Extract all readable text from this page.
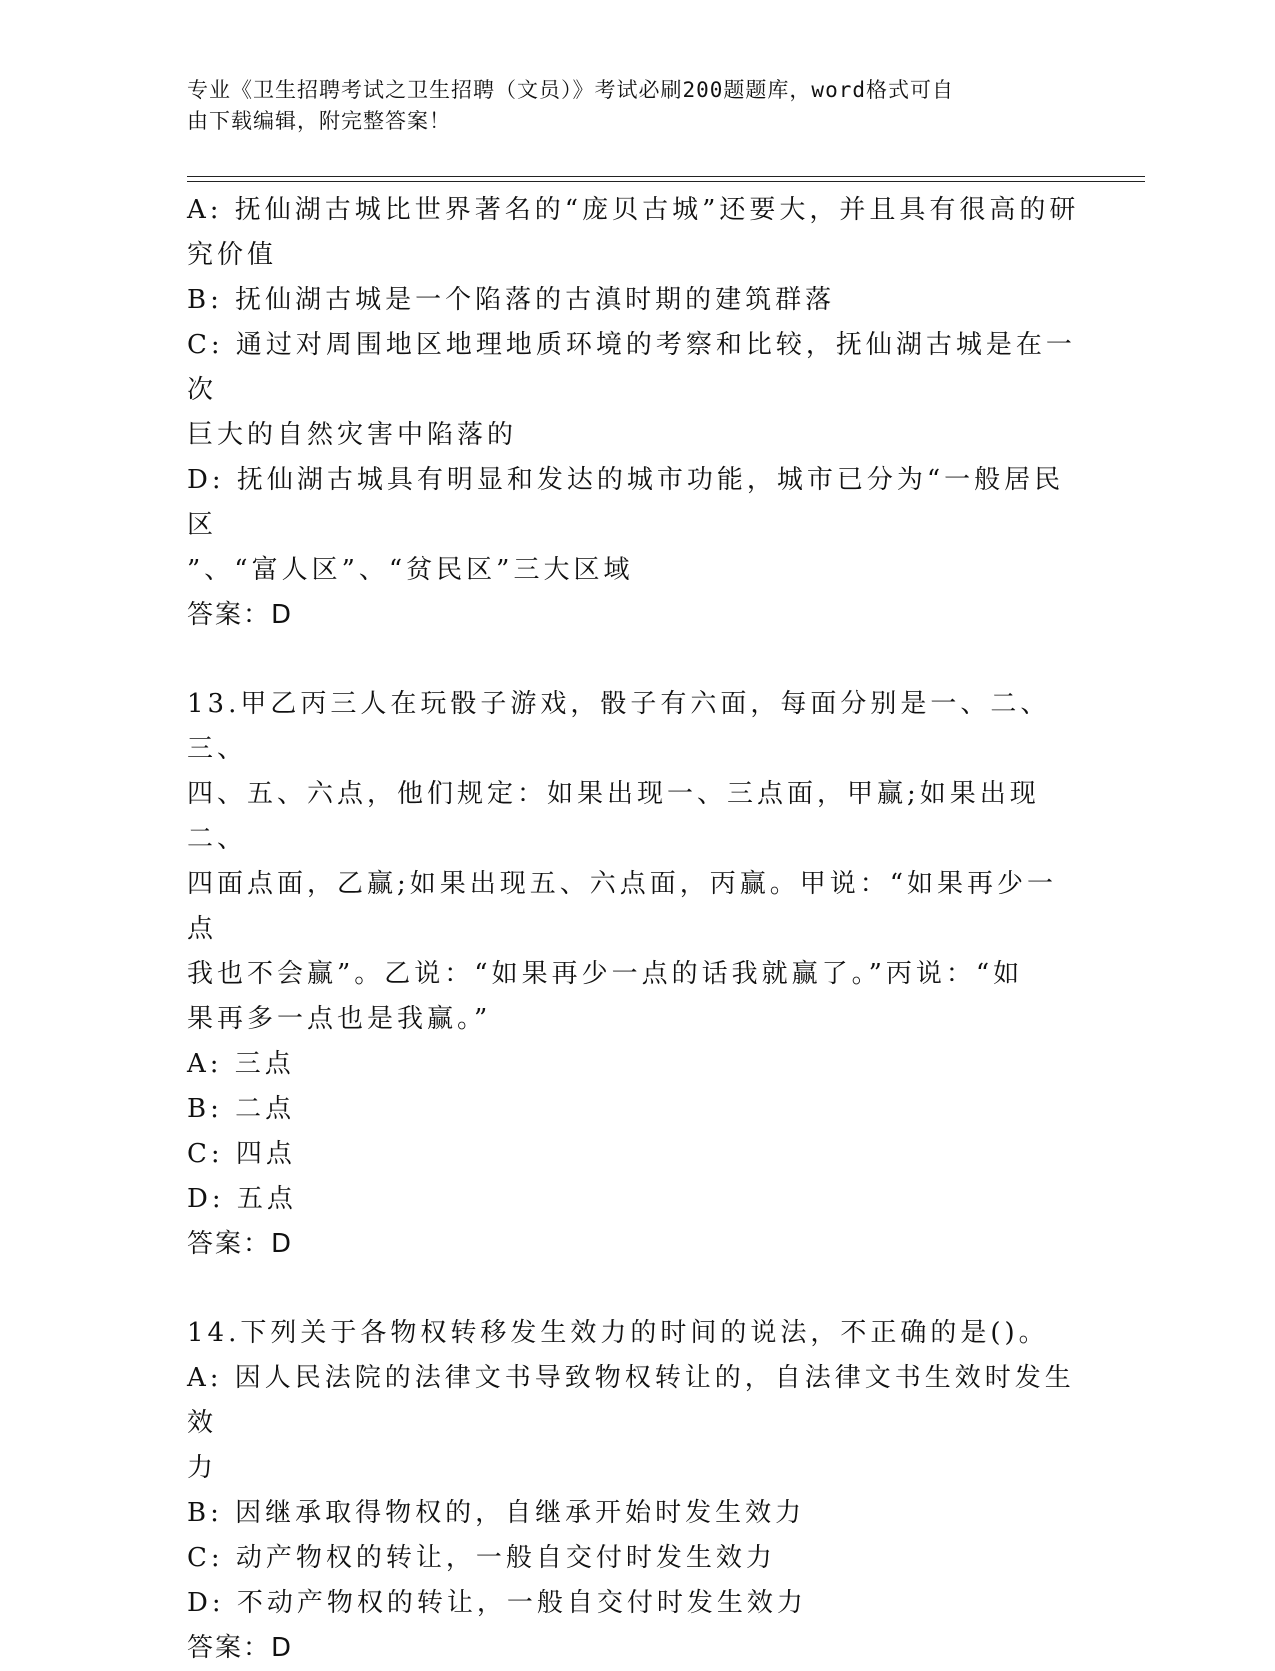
专业《卫生招聘考试之卫生招聘（文员）》考试必刷200题题库，word格式可自
由下载编辑，附完整答案！
A: 抚仙湖古城比世界著名的“庞贝古城”还要大，并且具有很高的研
究价值
B: 抚仙湖古城是一个陷落的古滇时期的建筑群落
C: 通过对周围地区地理地质环境的考察和比较，抚仙湖古城是在一次
巨大的自然灾害中陷落的
D: 抚仙湖古城具有明显和发达的城市功能，城市已分为“一般居民区
”、“富人区”、“贫民区”三大区域
答案：D
13.甲乙丙三人在玩骰子游戏，骰子有六面，每面分别是一、二、三、
四、五、六点，他们规定：如果出现一、三点面，甲赢;如果出现二、
四面点面，乙赢;如果出现五、六点面，丙赢。甲说：“如果再少一点
我也不会赢”。乙说：“如果再少一点的话我就赢了。”丙说：“如
果再多一点也是我赢。”
A: 三点
B: 二点
C: 四点
D: 五点
答案：D
14.下列关于各物权转移发生效力的时间的说法，不正确的是()。
A: 因人民法院的法律文书导致物权转让的，自法律文书生效时发生效
力
B: 因继承取得物权的，自继承开始时发生效力
C: 动产物权的转让，一般自交付时发生效力
D: 不动产物权的转让，一般自交付时发生效力
答案：D
